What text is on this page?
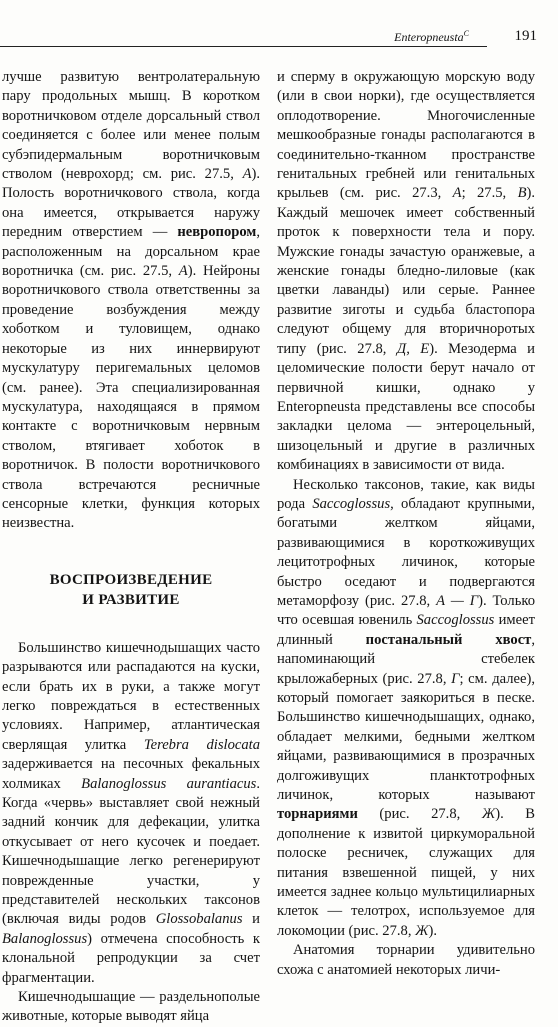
Enteropneusta$^C$	191

лучше развитую вентролатеральную пару продольных мышц. В коротком воротничковом отделе дорсальный ствол соединяется с более или менее полым субэпидермальным воротничковым стволом (неврохорд; см. рис. 27.5, А). Полость воротничкового ствола, когда она имеется, открывается наружу передним отверстием — невропором, расположенным на дорсальном крае воротничка (см. рис. 27.5, А). Нейроны воротничкового ствола ответственны за проведение возбуждения между хоботком и туловищем, однако некоторые из них иннервируют мускулатуру перигемальных целомов (см. ранее). Эта специализированная мускулатура, находящаяся в прямом контакте с воротничковым нервным стволом, втягивает хоботок в воротничок. В полости воротничкового ствола встречаются ресничные сенсорные клетки, функция которых неизвестна.

ВОСПРОИЗВЕДЕНИЕ
И РАЗВИТИЕ

Большинство кишечнодышащих часто разрываются или распадаются на куски, если брать их в руки, а также могут легко повреждаться в естественных условиях. Например, атлантическая сверлящая улитка Terebra dislocata задерживается на песочных фекальных холмиках Balanoglossus aurantiacus. Когда «червь» выставляет свой нежный задний кончик для дефекации, улитка откусывает от него кусочек и поедает. Кишечнодышащие легко регенерируют поврежденные участки, у представителей нескольких таксонов (включая виды родов Glossobalanus и Balanoglossus) отмечена способность к клональной репродукции за счет фрагментации.

Кишечнодышащие — раздельнополые животные, которые выводят яйца

и сперму в окружающую морскую воду (или в свои норки), где осуществляется оплодотворение. Многочисленные мешкообразные гонады располагаются в соединительно-тканном пространстве генитальных гребней или генитальных крыльев (см. рис. 27.3, А; 27.5, В). Каждый мешочек имеет собственный проток к поверхности тела и пору. Мужские гонады зачастую оранжевые, а женские гонады бледно-лиловые (как цветки лаванды) или серые. Раннее развитие зиготы и судьба бластопора следуют общему для вторичноротых типу (рис. 27.8, Д, Е). Мезодерма и целомические полости берут начало от первичной кишки, однако у Enteropneusta представлены все способы закладки целома — энтероцельный, шизоцельный и другие в различных комбинациях в зависимости от вида.

Несколько таксонов, такие, как виды рода Saccoglossus, обладают крупными, богатыми желтком яйцами, развивающимися в короткоживущих лецитотрофных личинок, которые быстро оседают и подвергаются метаморфозу (рис. 27.8, А — Г). Только что осевшая ювениль Saccoglossus имеет длинный постанальный хвост, напоминающий стебелек крыложаберных (рис. 27.8, Г; см. далее), который помогает заякориться в песке. Большинство кишечнодышащих, однако, обладает мелкими, бедными желтком яйцами, развивающимися в прозрачных долгоживущих планктотрофных личинок, которых называют торнариями (рис. 27.8, Ж). В дополнение к извитой циркуморальной полоске ресничек, служащих для питания взвешенной пищей, у них имеется заднее кольцо мультицилиарных клеток — телотрох, используемое для локомоции (рис. 27.8, Ж).

Анатомия торнарии удивительно схожа с анатомией некоторых личи-
